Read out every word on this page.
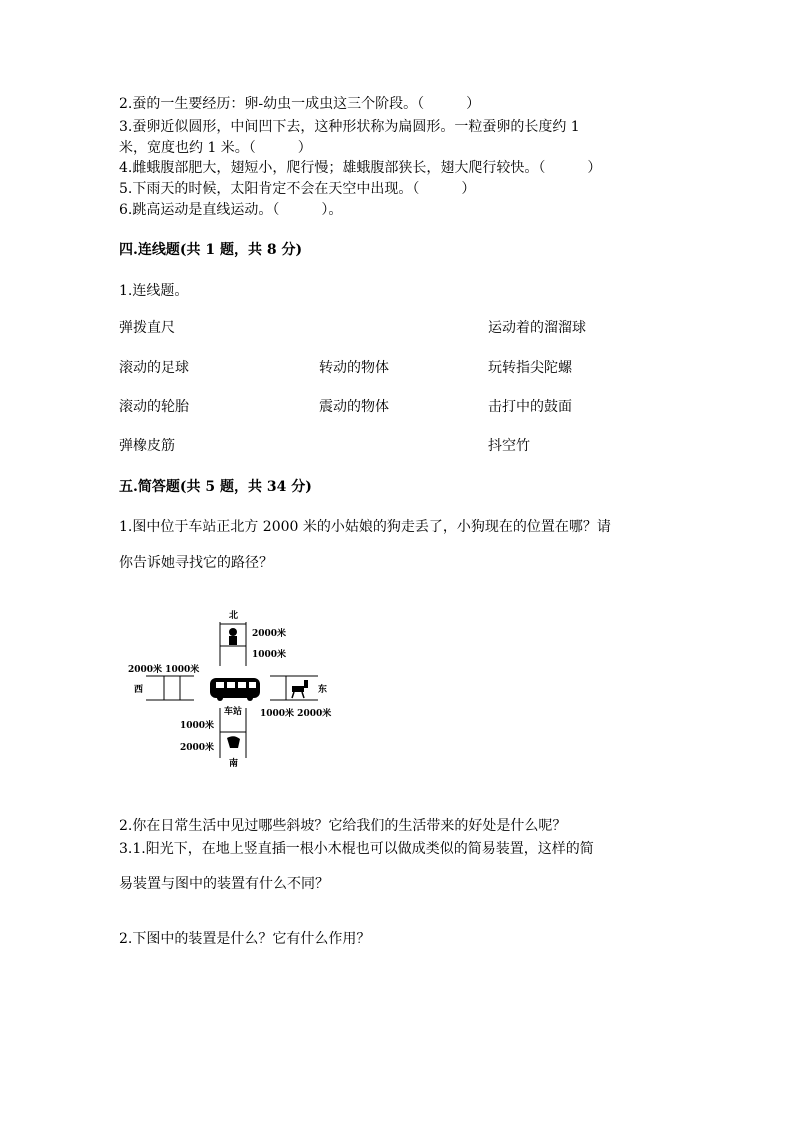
2.蚕的一生要经历：卵-幼虫一成虫这三个阶段。（　　　）
3.蚕卵近似圆形，中间凹下去，这种形状称为扁圆形。一粒蚕卵的长度约 1
米，宽度也约 1 米。（　　　）
4.雌蛾腹部肥大，翅短小，爬行慢；雄蛾腹部狭长，翅大爬行较快。（　　　）
5.下雨天的时候，太阳肯定不会在天空中出现。（　　　）
6.跳高运动是直线运动。（　　　）。
四.连线题(共 1 题，共 8 分)
1.连线题。
弹拨直尺
滚动的足球
滚动的轮胎
弹橡皮筋
转动的物体
震动的物体
运动着的溜溜球
玩转指尖陀螺
击打中的鼓面
抖空竹
五.简答题(共 5 题，共 34 分)
1.图中位于车站正北方 2000 米的小姑娘的狗走丢了，小狗现在的位置在哪？请
你告诉她寻找它的路径？
北
2000米
1000米
2000米 1000米
西
车站
东
1000米 2000米
1000米
2000米
南
2.你在日常生活中见过哪些斜坡？它给我们的生活带来的好处是什么呢？
3.1.阳光下，在地上竖直插一根小木棍也可以做成类似的简易装置，这样的简
易装置与图中的装置有什么不同？
2.下图中的装置是什么？它有什么作用？
